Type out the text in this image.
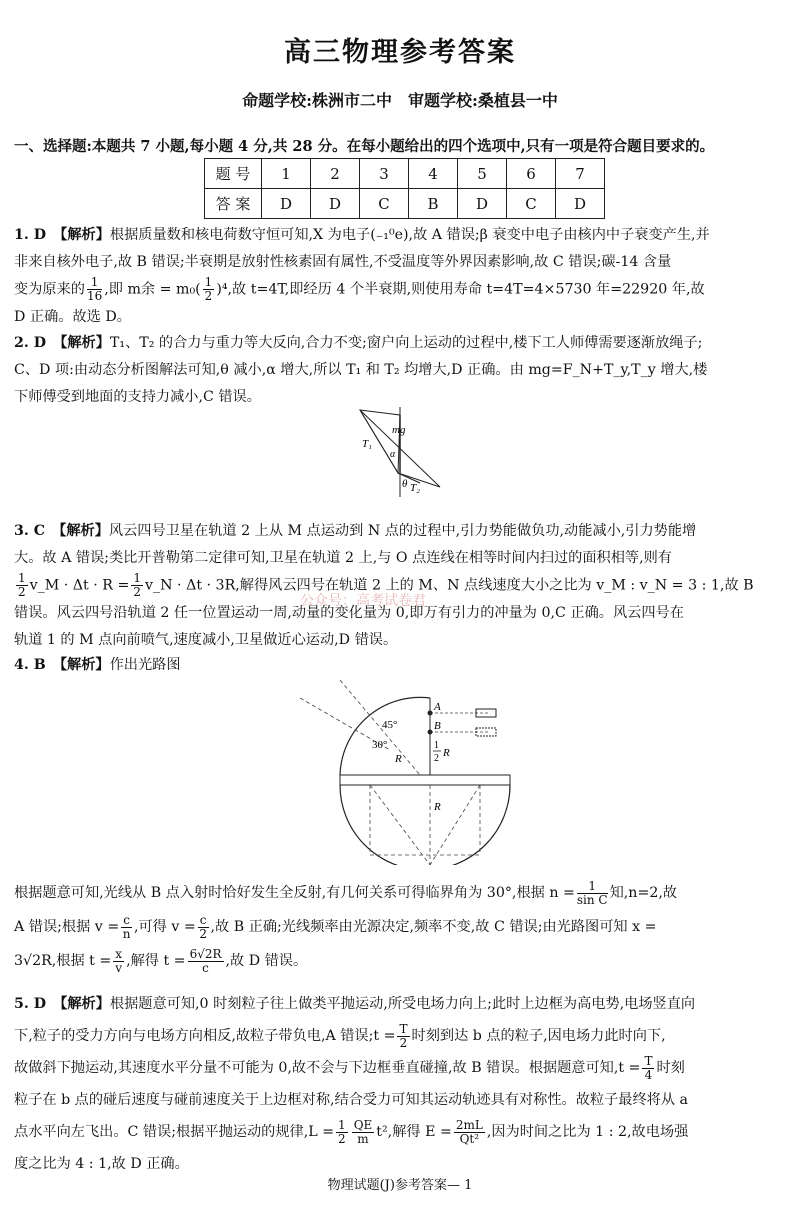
高三物理参考答案
命题学校:株洲市二中　审题学校:桑植县一中
一、选择题:本题共 7 小题,每小题 4 分,共 28 分。在每小题给出的四个选项中,只有一项是符合题目要求的。
题 号	1	2	3	4	5	6	7
答 案	D	D	C	B	D	C	D

1. D　 【解析】根据质量数和核电荷数守恒可知,X 为电子(₋₁⁰e),故 A 错误;β 衰变中电子由核内中子衰变产生,并

非来自核外电子,故 B 错误;半衰期是放射性核素固有属性,不受温度等外界因素影响,故 C 错误;碳-14 含量

变为原来的 $\frac{1}{16}$ ,即 m余 = $m_0( \frac{1}{2} )^4$,故 t=4T,即经历 4 个半衰期,则使用寿命 t=4T=4×5730 年=22920 年,故

D 正确。故选 D。

2. D　 【解析】T₁、T₂ 的合力与重力等大反向,合力不变;窗户向上运动的过程中,楼下工人师傅需要逐渐放绳子;

C、D 项:由动态分析图解法可知,θ 减小,α 增大,所以 T₁ 和 T₂ 均增大,D 正确。由 mg=F_N+T_y,T_y 增大,楼

下师傅受到地面的支持力减小,C 错误。

mg
T₁
θ T₂
α

3. C　 【解析】风云四号卫星在轨道 2 上从 M 点运动到 N 点的过程中,引力势能做负功,动能减小,引力势能增

大。故 A 错误;类比开普勒第二定律可知,卫星在轨道 2 上,与 O 点连线在相等时间内扫过的面积相等,则有

$\frac{1}{2}$ v_M · $\Delta t \cdot R = \frac{1}{2}$ v_N · Δt · 3R,解得风云四号在轨道 2 上的 M、N 点线速度大小之比为 v_M : v_N = 3 : 1,故 B

错误。风云四号沿轨道 2 任一位置运动一周,动量的变化量为 0,即万有引力的冲量为 0,C 正确。风云四号在

轨道 1 的 M 点向前喷气,速度减小,卫星做近心运动,D 错误。

公众号：高考试卷君

4. B　 【解析】作出光路图

A
B
45°
30°
R
1
2 R
R

根据题意可知,光线从 B 点入射时恰好发生全反射,有几何关系可得临界角为 30°,根据 $n = \frac{1}{\text{sin C}}$ 知,n=2,故

A 错误;根据 $v = \frac{c}{n}$ ,可得 $v = \frac{c}{2}$ ,故 B 正确;光线频率由光源决定,频率不变,故 C 错误;由光路图可知 x =

3√2R,根据 $t = \frac{x}{v}$ ,解得 $t = \frac{6√2R}{c}$ ,故 D 错误。

5. D　 【解析】根据题意可知,0 时刻粒子往上做类平抛运动,所受电场力向上;此时上边框为高电势,电场竖直向

下,粒子的受力方向与电场方向相反,故粒子带负电,A 错误;t = $\frac{T}{2}$ 时刻到达 b 点的粒子,因电场力此时向下,

故做斜下抛运动,其速度水平分量不可能为 0,故不会与下边框垂直碰撞,故 B 错误。根据题意可知$,t = \frac{T}{4}$ 时刻

粒子在 b 点的碰后速度与碰前速度关于上边框对称,结合受力可知其运动轨迹具有对称性。故粒子最终将从 a

点水平向左飞出。C 错误;根据平抛运动的规律$,L = \frac{1}{2} \frac{QE}{m} t^2$,解得 $E = \frac{2mL}{\text{Qt²}}$ ,因为时间之比为 1 : 2,故电场强

度之比为 4 : 1,故 D 正确。

物理试题(J)参考答案— 1
